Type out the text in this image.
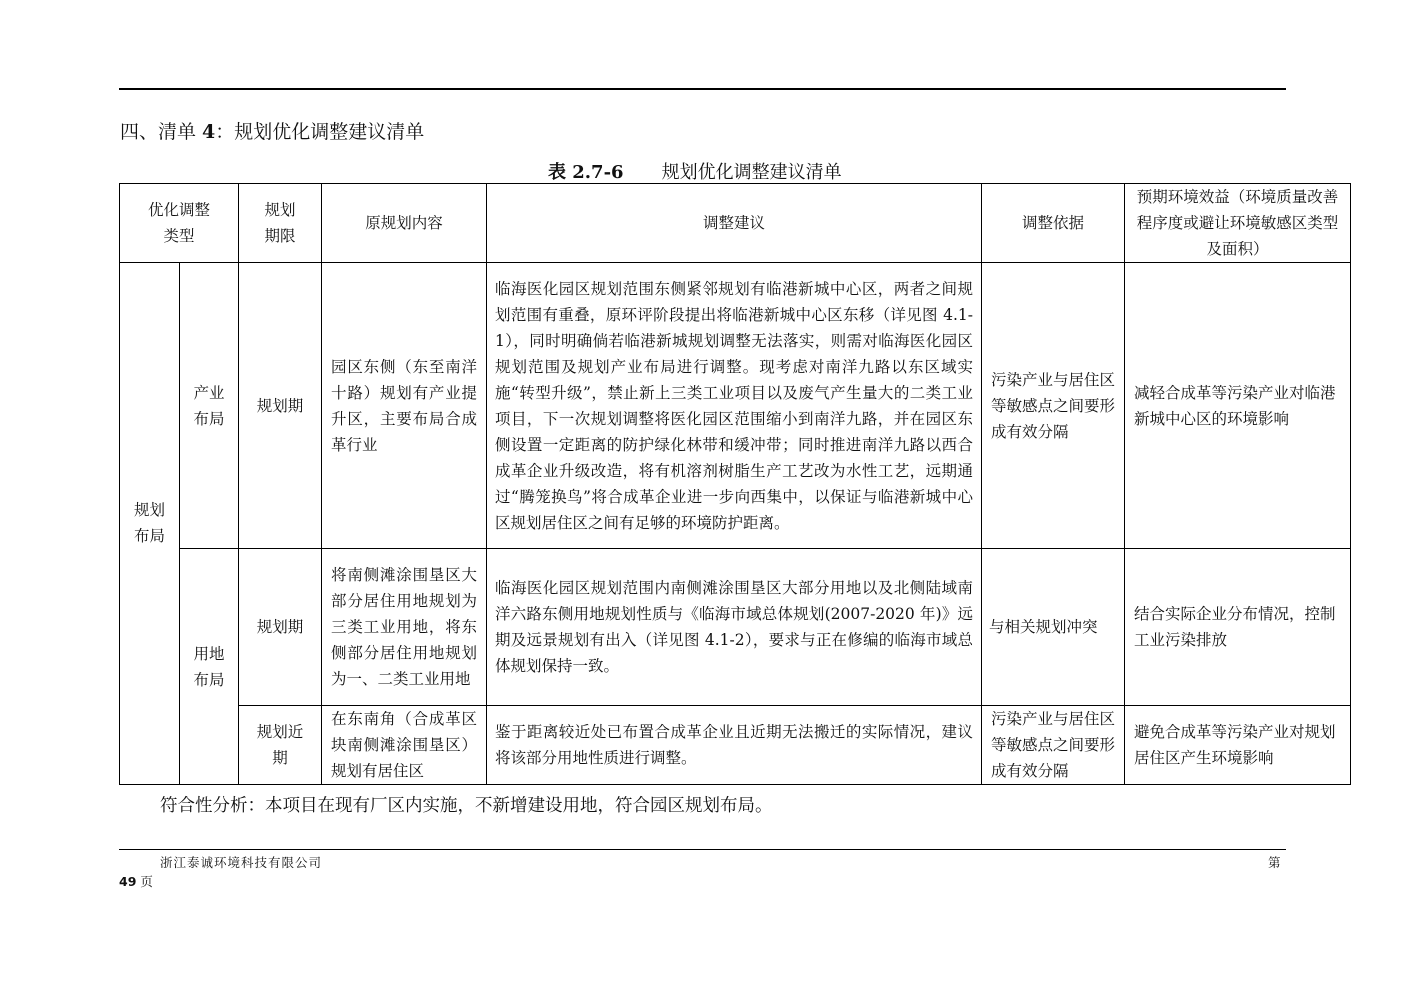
四、清单 4：规划优化调整建议清单
表 2.7-6 规划优化调整建议清单
优化调整类型		规划期限	原规划内容	调整建议	调整依据	预期环境效益（环境质量改善程序度或避让环境敏感区类型及面积）
规划布局	产业布局	规划期	园区东侧（东至南洋十路）规划有产业提升区，主要布局合成革行业	临海医化园区规划范围东侧紧邻规划有临港新城中心区，两者之间规划范围有重叠，原环评阶段提出将临港新城中心区东移（详见图 4.1-1），同时明确倘若临港新城规划调整无法落实，则需对临海医化园区规划范围及规划产业布局进行调整。现考虑对南洋九路以东区域实施“转型升级”，禁止新上三类工业项目以及废气产生量大的二类工业项目，下一次规划调整将医化园区范围缩小到南洋九路，并在园区东侧设置一定距离的防护绿化林带和缓冲带；同时推进南洋九路以西合成革企业升级改造，将有机溶剂树脂生产工艺改为水性工艺，远期通过“腾笼换鸟”将合成革企业进一步向西集中，以保证与临港新城中心区规划居住区之间有足够的环境防护距离。	污染产业与居住区等敏感点之间要形成有效分隔	减轻合成革等污染产业对临港新城中心区的环境影响
	用地布局	规划期	将南侧滩涂围垦区大部分居住用地规划为三类工业用地，将东侧部分居住用地规划为一、二类工业用地	临海医化园区规划范围内南侧滩涂围垦区大部分用地以及北侧陆域南洋六路东侧用地规划性质与《临海市域总体规划(2007-2020 年)》远期及远景规划有出入（详见图 4.1-2），要求与正在修编的临海市域总体规划保持一致。	与相关规划冲突	结合实际企业分布情况，控制工业污染排放
		规划近期	在东南角（合成革区块南侧滩涂围垦区）规划有居住区	鉴于距离较近处已布置合成革企业且近期无法搬迁的实际情况，建议将该部分用地性质进行调整。	污染产业与居住区等敏感点之间要形成有效分隔	避免合成革等污染产业对规划居住区产生环境影响
符合性分析：本项目在现有厂区内实施，不新增建设用地，符合园区规划布局。
浙江泰诚环境科技有限公司	第
49 页
